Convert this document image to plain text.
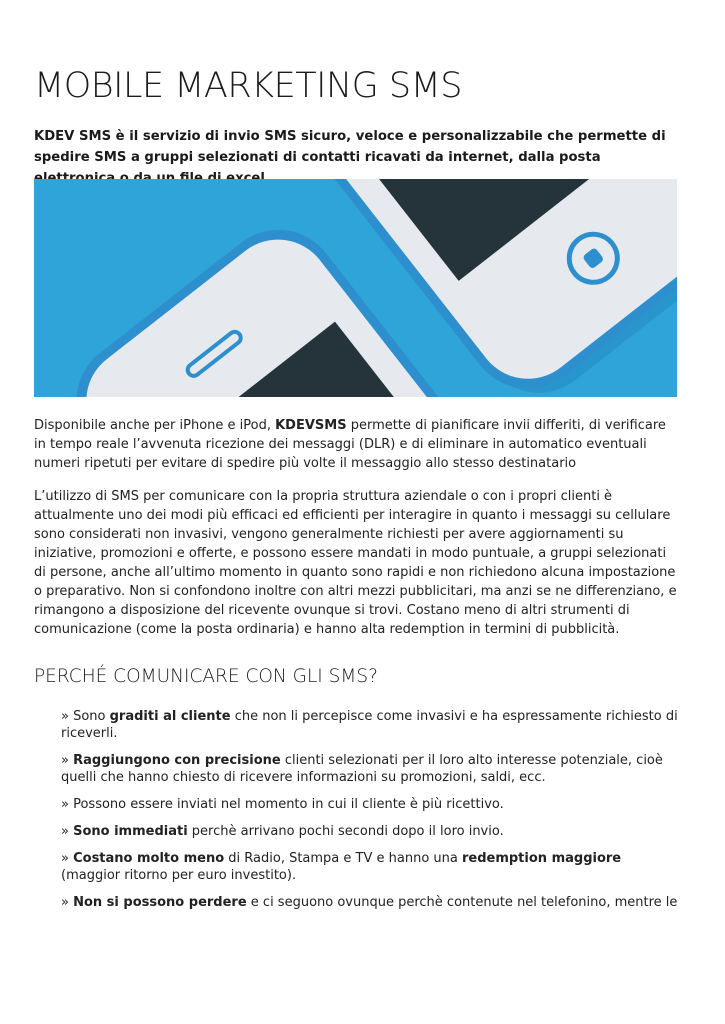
MOBILE MARKETING SMS

KDEV SMS è il servizio di invio SMS sicuro, veloce e personalizzabile che permette di spedire SMS a gruppi selezionati di contatti ricavati da internet, dalla posta

Disponibile anche per iPhone e iPod, KDEVSMS permette di pianificare invii differiti, di verificare in tempo reale l’avvenuta ricezione dei messaggi (DLR) e di eliminare in automatico eventuali numeri ripetuti per evitare di spedire più volte il messaggio allo stesso destinatario

L’utilizzo di SMS per comunicare con la propria struttura aziendale o con i propri clienti è attualmente uno dei modi più efficaci ed efficienti per interagire in quanto i messaggi su cellulare sono considerati non invasivi, vengono generalmente richiesti per avere aggiornamenti su iniziative, promozioni e offerte, e possono essere mandati in modo puntuale, a gruppi selezionati di persone, anche all’ultimo momento in quanto sono rapidi e non richiedono alcuna impostazione o preparativo. Non si confondono inoltre con altri mezzi pubblicitari, ma anzi se ne differenziano, e rimangono a disposizione del ricevente ovunque si trovi. Costano meno di altri strumenti di comunicazione (come la posta ordinaria) e hanno alta redemption in termini di pubblicità.

PERCHÉ COMUNICARE CON GLI SMS?
» Sono graditi al cliente che non li percepisce come invasivi e ha espressamente richiesto di riceverli.
» Raggiungono con precisione clienti selezionati per il loro alto interesse potenziale, cioè quelli che hanno chiesto di ricevere informazioni su promozioni, saldi, ecc.
» Possono essere inviati nel momento in cui il cliente è più ricettivo.
» Sono immediati perchè arrivano pochi secondi dopo il loro invio.
» Costano molto meno di Radio, Stampa e TV e hanno una redemption maggiore (maggior ritorno per euro investito).
» Non si possono perdere e ci seguono ovunque perchè contenute nel telefonino, mentre le
